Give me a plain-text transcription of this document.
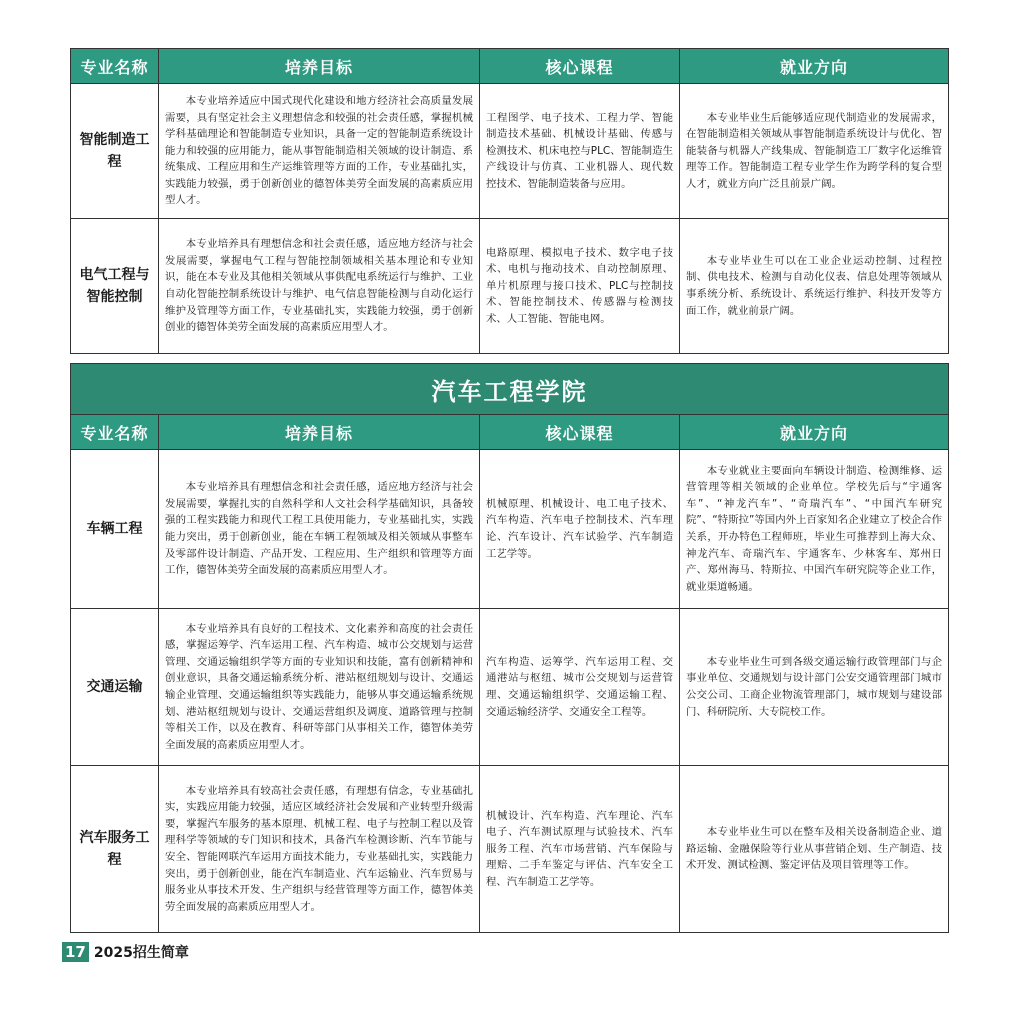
专业名称	培养目标	核心课程	就业方向
智能制造工程	本专业培养适应中国式现代化建设和地方经济社会高质量发展需要，具有坚定社会主义理想信念和较强的社会责任感，掌握机械学科基础理论和智能制造专业知识，具备一定的智能制造系统设计能力和较强的应用能力，能从事智能制造相关领域的设计制造、系统集成、工程应用和生产运维管理等方面的工作，专业基础扎实，实践能力较强，勇于创新创业的德智体美劳全面发展的高素质应用型人才。	工程图学、电子技术、工程力学、智能制造技术基础、机械设计基础、传感与检测技术、机床电控与PLC、智能制造生产线设计与仿真、工业机器人、现代数控技术、智能制造装备与应用。	本专业毕业生后能够适应现代制造业的发展需求，在智能制造相关领域从事智能制造系统设计与优化、智能装备与机器人产线集成、智能制造工厂数字化运维管理等工作。智能制造工程专业学生作为跨学科的复合型人才，就业方向广泛且前景广阔。
电气工程与智能控制	本专业培养具有理想信念和社会责任感，适应地方经济与社会发展需要，掌握电气工程与智能控制领域相关基本理论和专业知识，能在本专业及其他相关领域从事供配电系统运行与维护、工业自动化智能控制系统设计与维护、电气信息智能检测与自动化运行维护及管理等方面工作，专业基础扎实，实践能力较强，勇于创新创业的德智体美劳全面发展的高素质应用型人才。	电路原理、模拟电子技术、数字电子技术、电机与拖动技术、自动控制原理、单片机原理与接口技术、PLC与控制技术、智能控制技术、传感器与检测技术、人工智能、智能电网。	本专业毕业生可以在工业企业运动控制、过程控制、供电技术、检测与自动化仪表、信息处理等领域从事系统分析、系统设计、系统运行维护、科技开发等方面工作，就业前景广阔。
汽车工程学院			
专业名称	培养目标	核心课程	就业方向
车辆工程	本专业培养具有理想信念和社会责任感，适应地方经济与社会发展需要，掌握扎实的自然科学和人文社会科学基础知识，具备较强的工程实践能力和现代工程工具使用能力，专业基础扎实，实践能力突出，勇于创新创业，能在车辆工程领域及相关领域从事整车及零部件设计制造、产品开发、工程应用、生产组织和管理等方面工作，德智体美劳全面发展的高素质应用型人才。	机械原理、机械设计、电工电子技术、汽车构造、汽车电子控制技术、汽车理论、汽车设计、汽车试验学、汽车制造工艺学等。	本专业就业主要面向车辆设计制造、检测维修、运营管理等相关领域的企业单位。学校先后与“宇通客车”、“神龙汽车”、“奇瑞汽车”、“中国汽车研究院”、“特斯拉”等国内外上百家知名企业建立了校企合作关系，开办特色工程师班，毕业生可推荐到上海大众、神龙汽车、奇瑞汽车、宇通客车、少林客车、郑州日产、郑州海马、特斯拉、中国汽车研究院等企业工作，就业渠道畅通。
交通运输	本专业培养具有良好的工程技术、文化素养和高度的社会责任感，掌握运筹学、汽车运用工程、汽车构造、城市公交规划与运营管理、交通运输组织学等方面的专业知识和技能，富有创新精神和创业意识，具备交通运输系统分析、港站枢纽规划与设计、交通运输企业管理、交通运输组织等实践能力，能够从事交通运输系统规划、港站枢纽规划与设计、交通运营组织及调度、道路管理与控制等相关工作，以及在教育、科研等部门从事相关工作，德智体美劳全面发展的高素质应用型人才。	汽车构造、运筹学、汽车运用工程、交通港站与枢纽、城市公交规划与运营管理、交通运输组织学、交通运输工程、交通运输经济学、交通安全工程等。	本专业毕业生可到各级交通运输行政管理部门与企事业单位、交通规划与设计部门公安交通管理部门城市公交公司、工商企业物流管理部门，城市规划与建设部门、科研院所、大专院校工作。
汽车服务工程	本专业培养具有较高社会责任感，有理想有信念，专业基础扎实，实践应用能力较强，适应区域经济社会发展和产业转型升级需要，掌握汽车服务的基本原理、机械工程、电子与控制工程以及管理科学等领域的专门知识和技术，具备汽车检测诊断、汽车节能与安全、智能网联汽车运用方面技术能力，专业基础扎实，实践能力突出，勇于创新创业，能在汽车制造业、汽车运输业、汽车贸易与服务业从事技术开发、生产组织与经营管理等方面工作，德智体美劳全面发展的高素质应用型人才。	机械设计、汽车构造、汽车理论、汽车电子、汽车测试原理与试验技术、汽车服务工程、汽车市场营销、汽车保险与理赔、二手车鉴定与评估、汽车安全工程、汽车制造工艺学等。	本专业毕业生可以在整车及相关设备制造企业、道路运输、金融保险等行业从事营销企划、生产制造、技术开发、测试检测、鉴定评估及项目管理等工作。
17 2025招生简章
